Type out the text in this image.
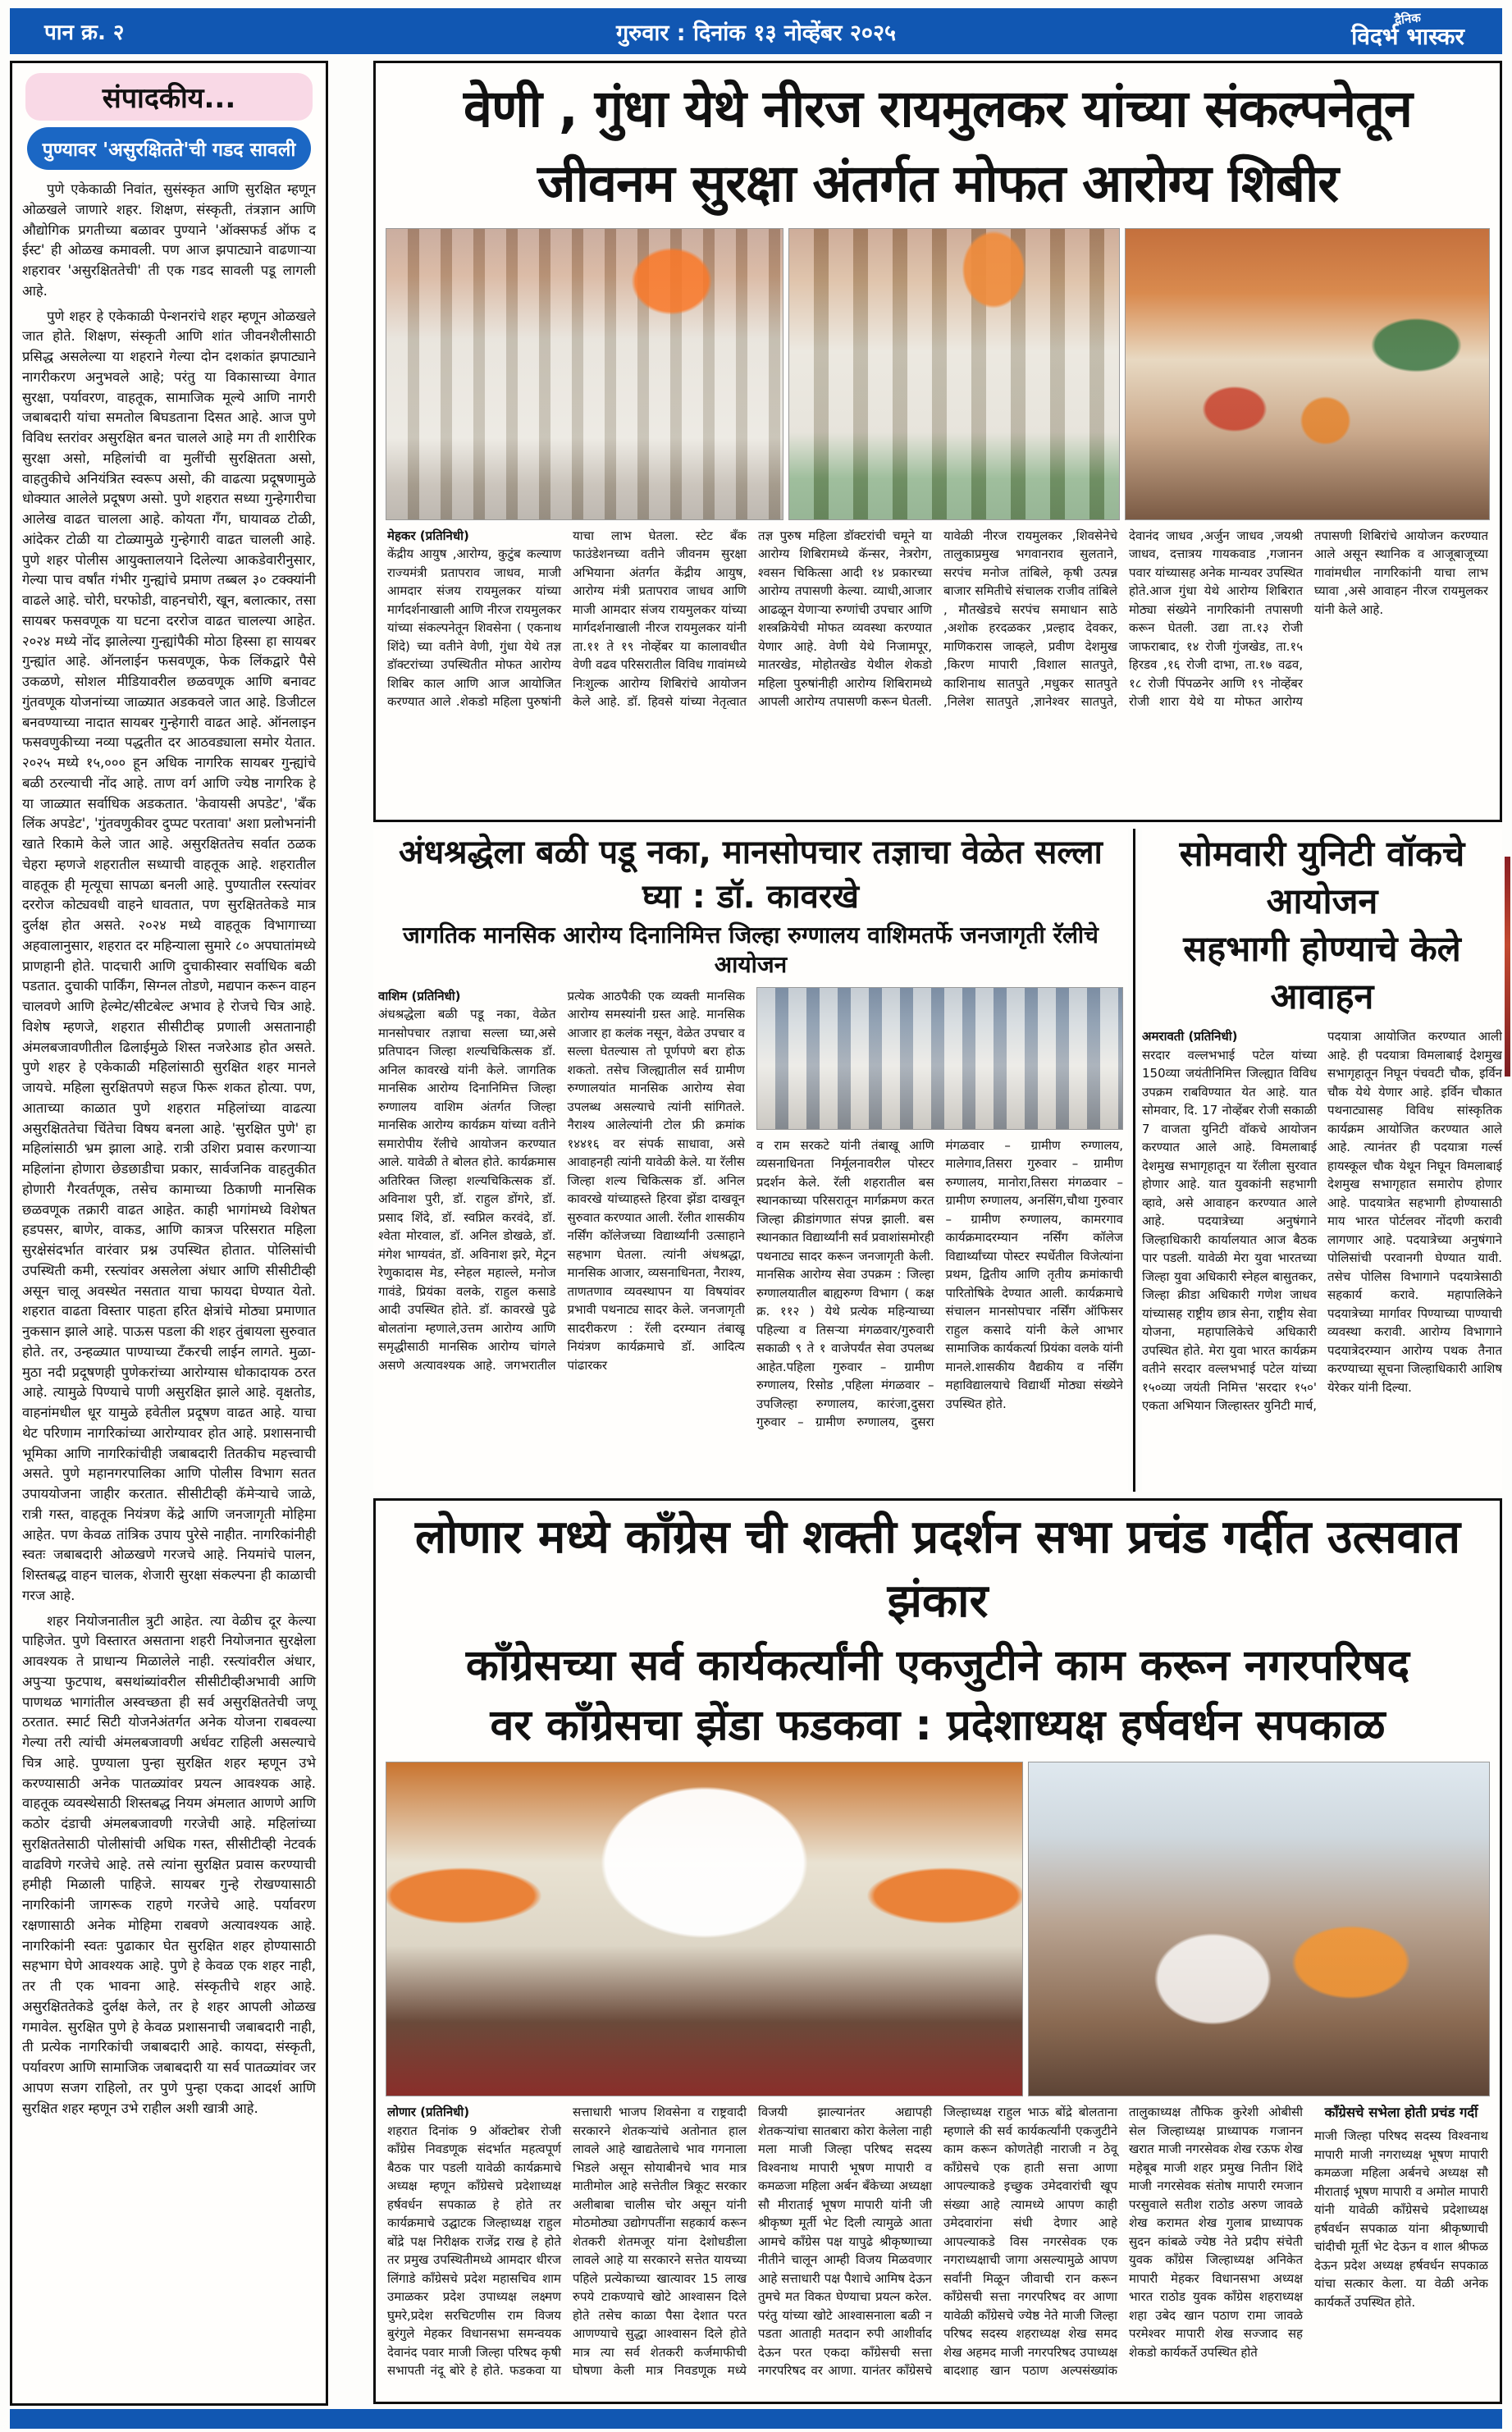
पान क्र. २	गुरुवार : दिनांक १३ नोव्हेंबर २०२५
दैनिक
विदर्भ भास्कर
संपादकीय...
पुण्यावर 'असुरक्षितते'ची गडद सावली

पुणे एकेकाळी निवांत, सुसंस्कृत आणि सुरक्षित म्हणून ओळखले जाणारे शहर. शिक्षण, संस्कृती, तंत्रज्ञान आणि औद्योगिक प्रगतीच्या बळावर पुण्याने 'ऑक्सफर्ड ऑफ द ईस्ट' ही ओळख कमावली. पण आज झपाट्याने वाढणाऱ्या शहरावर 'असुरक्षिततेची' ती एक गडद सावली पडू लागली आहे.

पुणे शहर हे एकेकाळी पेन्शनरांचे शहर म्हणून ओळखले जात होते. शिक्षण, संस्कृती आणि शांत जीवनशैलीसाठी प्रसिद्ध असलेल्या या शहराने गेल्या दोन दशकांत झपाट्याने नागरीकरण अनुभवले आहे; परंतु या विकासाच्या वेगात सुरक्षा, पर्यावरण, वाहतूक, सामाजिक मूल्ये आणि नागरी जबाबदारी यांचा समतोल बिघडताना दिसत आहे. आज पुणे विविध स्तरांवर असुरक्षित बनत चालले आहे मग ती शारीरिक सुरक्षा असो, महिलांची वा मुलींची सुरक्षितता असो, वाहतुकीचे अनियंत्रित स्वरूप असो, की वाढत्या प्रदूषणामुळे धोक्यात आलेले प्रदूषण असो. पुणे शहरात सध्या गुन्हेगारीचा आलेख वाढत चालला आहे. कोयता गँग, घायावळ टोळी, आंदेकर टोळी या टोळ्यामुळे गुन्हेगारी वाढत चालली आहे. पुणे शहर पोलीस आयुक्तालयाने दिलेल्या आकडेवारीनुसार, गेल्या पाच वर्षांत गंभीर गुन्ह्यांचे प्रमाण तब्बल ३० टक्क्यांनी वाढले आहे. चोरी, घरफोडी, वाहनचोरी, खून, बलात्कार, तसा सायबर फसवणूक या घटना दररोज वाढत चालल्या आहेत. २०२४ मध्ये नोंद झालेल्या गुन्ह्यांपैकी मोठा हिस्सा हा सायबर गुन्ह्यांत आहे. ऑनलाईन फसवणूक, फेक लिंकद्वारे पैसे उकळणे, सोशल मीडियावरील छळवणूक आणि बनावट गुंतवणूक योजनांच्या जाळ्यात अडकवले जात आहे. डिजीटल बनवण्याच्या नादात सायबर गुन्हेगारी वाढत आहे. ऑनलाइन फसवणुकीच्या नव्या पद्धतीत दर आठवड्याला समोर येतात. २०२५ मध्ये १५,००० हून अधिक नागरिक सायबर गुन्ह्यांचे बळी ठरल्याची नोंद आहे. ताण वर्ग आणि ज्येष्ठ नागरिक हे या जाळ्यात सर्वाधिक अडकतात. 'केवायसी अपडेट', 'बँक लिंक अपडेट', 'गुंतवणुकीवर दुप्पट परतावा' अशा प्रलोभनांनी खाते रिकामे केले जात आहे. असुरक्षिततेच सर्वात ठळक चेहरा म्हणजे शहरातील सध्याची वाहतूक आहे. शहरातील वाहतूक ही मृत्यूचा सापळा बनली आहे. पुण्यातील रस्त्यांवर दररोज कोट्यवधी वाहने धावतात, पण सुरक्षिततेकडे मात्र दुर्लक्ष होत असते. २०२४ मध्ये वाहतूक विभागाच्या अहवालानुसार, शहरात दर महिन्याला सुमारे ८० अपघातांमध्ये प्राणहानी होते. पादचारी आणि दुचाकीस्वार सर्वाधिक बळी पडतात. दुचाकी पार्किंग, सिग्नल तोडणे, मद्यपान करून वाहन चालवणे आणि हेल्मेट/सीटबेल्ट अभाव हे रोजचे चित्र आहे. विशेष म्हणजे, शहरात सीसीटीव्ह प्रणाली असतानाही अंमलबजावणीतील ढिलाईमुळे शिस्त नजरेआड होत असते. पुणे शहर हे एकेकाळी महिलांसाठी सुरक्षित शहर मानले जायचे. महिला सुरक्षितपणे सहज फिरू शकत होत्या. पण, आताच्या काळात पुणे शहरात महिलांच्या वाढत्या असुरक्षिततेचा चिंतेचा विषय बनला आहे. 'सुरक्षित पुणे' हा महिलांसाठी भ्रम झाला आहे. रात्री उशिरा प्रवास करणाऱ्या महिलांना होणारा छेडछाडीचा प्रकार, सार्वजनिक वाहतुकीत होणारी गैरवर्तणूक, तसेच कामाच्या ठिकाणी मानसिक छळवणूक तक्रारी वाढत आहेत. काही भागांमध्ये विशेषत हडपसर, बाणेर, वाकड, आणि कात्रज परिसरात महिला सुरक्षेसंदर्भात वारंवार प्रश्न उपस्थित होतात. पोलिसांची उपस्थिती कमी, रस्त्यांवर असलेला अंधार आणि सीसीटीव्ही असून चालू अवस्थेत नसतात याचा फायदा घेण्यात येतो. शहरात वाढता विस्तार पाहता हरित क्षेत्रांचे मोठ्या प्रमाणात नुकसान झाले आहे. पाऊस पडला की शहर तुंबायला सुरुवात होते. तर, उन्हळ्यात पाण्याच्या टँकरची लाईन लागते. मुळा-मुठा नदी प्रदूषणही पुणेकरांच्या आरोग्यास धोकादायक ठरत आहे. त्यामुळे पिण्याचे पाणी असुरक्षित झाले आहे. वृक्षतोड, वाहनांमधील धूर यामुळे हवेतील प्रदूषण वाढत आहे. याचा थेट परिणाम नागरिकांच्या आरोग्यावर होत आहे. प्रशासनाची भूमिका आणि नागरिकांचीही जबाबदारी तितकीच महत्त्वाची असते. पुणे महानगरपालिका आणि पोलीस विभाग सतत उपाययोजना जाहीर करतात. सीसीटीव्ही कॅमेऱ्याचे जाळे, रात्री गस्त, वाहतूक नियंत्रण केंद्रे आणि जनजागृती मोहिमा आहेत. पण केवळ तांत्रिक उपाय पुरेसे नाहीत. नागरिकांनीही स्वतः जबाबदारी ओळखणे गरजचे आहे. नियमांचे पालन, शिस्तबद्ध वाहन चालक, शेजारी सुरक्षा संकल्पना ही काळाची गरज आहे.

शहर नियोजनातील त्रुटी आहेत. त्या वेळीच दूर केल्या पाहिजेत. पुणे विस्तारत असताना शहरी नियोजनात सुरक्षेला आवश्यक ते प्राधान्य मिळालेले नाही. रस्त्यांवरील अंधार, अपुऱ्या फुटपाथ, बसथांब्यांवरील सीसीटीव्हीअभावी आणि पाणथळ भागांतील अस्वच्छता ही सर्व असुरक्षिततेची जणू ठरतात. स्मार्ट सिटी योजनेअंतर्गत अनेक योजना राबवल्या गेल्या तरी त्यांची अंमलबजावणी अर्धवट राहिली असल्याचे चित्र आहे. पुण्याला पुन्हा सुरक्षित शहर म्हणून उभे करण्यासाठी अनेक पातळ्यांवर प्रयत्न आवश्यक आहे. वाहतूक व्यवस्थेसाठी शिस्तबद्ध नियम अंमलात आणणे आणि कठोर दंडाची अंमलबजावणी गरजेची आहे. महिलांच्या सुरक्षिततेसाठी पोलीसांची अधिक गस्त, सीसीटीव्ही नेटवर्क वाढविणे गरजेचे आहे. तसे त्यांना सुरक्षित प्रवास करण्याची हमीही मिळाली पाहिजे. सायबर गुन्हे रोखण्यासाठी नागरिकांनी जागरूक राहणे गरजेचे आहे. पर्यावरण रक्षणासाठी अनेक मोहिमा राबवणे अत्यावश्यक आहे. नागरिकांनी स्वतः पुढाकार घेत सुरक्षित शहर होण्यासाठी सहभाग घेणे आवश्यक आहे. पुणे हे केवळ एक शहर नाही, तर ती एक भावना आहे. संस्कृतीचे शहर आहे. असुरक्षिततेकडे दुर्लक्ष केले, तर हे शहर आपली ओळख गमावेल. सुरक्षित पुणे हे केवळ प्रशासनाची जबाबदारी नाही, ती प्रत्येक नागरिकांची जबाबदारी आहे. कायदा, संस्कृती, पर्यावरण आणि सामाजिक जबाबदारी या सर्व पातळ्यांवर जर आपण सजग राहिलो, तर पुणे पुन्हा एकदा आदर्श आणि सुरक्षित शहर म्हणून उभे राहील अशी खात्री आहे.

वेणी , गुंधा येथे नीरज रायमुलकर यांच्या संकल्पनेतून
जीवनम सुरक्षा अंतर्गत मोफत आरोग्य शिबीर
मेहकर (प्रतिनिधी)
केंद्रीय आयुष ,आरोग्य, कुटुंब कल्याण राज्यमंत्री प्रतापराव जाधव, माजी आमदार संजय रायमुलकर यांच्या मार्गदर्शनाखाली आणि नीरज रायमुलकर यांच्या संकल्पनेतून शिवसेना ( एकनाथ शिंदे) च्या वतीने वेणी, गुंधा येथे तज्ञ डॉक्टरांच्या उपस्थितीत मोफत आरोग्य शिबिर काल आणि आज आयोजित करण्यात आले .शेकडो महिला पुरुषांनी याचा लाभ घेतला. स्टेट बँक फाउंडेशनच्या वतीने जीवनम सुरक्षा अभियाना अंतर्गत केंद्रीय आयुष, आरोग्य मंत्री प्रतापराव जाधव आणि माजी आमदार संजय रायमुलकर यांच्या मार्गदर्शनाखाली नीरज रायमुलकर यांनी ता.११ ते १९ नोव्हेंबर या कालावधीत वेणी वढव परिसरातील विविध गावांमध्ये निःशुल्क आरोग्य शिबिरांचे आयोजन केले आहे. डॉ. हिवसे यांच्या नेतृत्वात तज्ञ पुरुष महिला डॉक्टरांची चमूने या आरोग्य शिबिरामध्ये कॅन्सर, नेत्ररोग, श्वसन चिकित्सा आदी १४ प्रकारच्या आरोग्य तपासणी केल्या. व्याधी,आजार आढळून येणाऱ्या रुग्णांची उपचार आणि शस्त्रक्रियेची मोफत व्यवस्था करण्यात येणार आहे. वेणी येथे निजामपूर, मातरखेड, मोहोतखेड येथील शेकडो महिला पुरुषांनीही आरोग्य शिबिरामध्ये आपली आरोग्य तपासणी करून घेतली. यावेळी नीरज रायमुलकर ,शिवसेनेचे तालुकाप्रमुख भगवानराव सुलताने, सरपंच मनोज तांबिले, कृषी उत्पन्न बाजार समितीचे संचालक राजीव तांबिले , मौतखेडचे सरपंच समाधान साठे ,अशोक हरदळकर ,प्रल्हाद देवकर, माणिकरास जाव्हले, प्रवीण देशमुख ,किरण मापारी ,विशाल सातपुते, काशिनाथ सातपुते ,मधुकर सातपुते ,निलेश सातपुते ,ज्ञानेश्वर सातपुते, देवानंद जाधव ,अर्जुन जाधव ,जयश्री जाधव, दत्तात्रय गायकवाड ,गजानन पवार यांच्यासह अनेक मान्यवर उपस्थित होते.आज गुंधा येथे आरोग्य शिबिरात मोठ्या संख्येने नागरिकांनी तपासणी करून घेतली. उद्या ता.१३ रोजी जाफराबाद, १४ रोजी गुंजखेड, ता.१५ हिरडव ,१६ रोजी दाभा, ता.१७ वढव, १८ रोजी पिंपळनेर आणि १९ नोव्हेंबर रोजी शारा येथे या मोफत आरोग्य तपासणी शिबिरांचे आयोजन करण्यात आले असून स्थानिक व आजूबाजूच्या गावांमधील नागरिकांनी याचा लाभ घ्यावा ,असे आवाहन नीरज रायमुलकर यांनी केले आहे.
अंधश्रद्धेला बळी पडू नका, मानसोपचार तज्ञाचा वेळेत सल्ला घ्या : डॉ. कावरखे
जागतिक मानसिक आरोग्य दिनानिमित्त जिल्हा रुग्णालय वाशिमतर्फे जनजागृती रॅलीचे आयोजन
वाशिम (प्रतिनिधी)
अंधश्रद्धेला बळी पडू नका, वेळेत मानसोपचार तज्ञाचा सल्ला घ्या,असे प्रतिपादन जिल्हा शल्यचिकित्सक डॉ. अनिल कावरखे यांनी केले. जागतिक मानसिक आरोग्य दिनानिमित्त जिल्हा रुग्णालय वाशिम अंतर्गत जिल्हा मानसिक आरोग्य कार्यक्रम यांच्या वतीने समारोपीय रॅलीचे आयोजन करण्यात आले. यावेळी ते बोलत होते. कार्यक्रमास अतिरिक्त जिल्हा शल्यचिकित्सक डॉ. अविनाश पुरी, डॉ. राहुल डोंगरे, डॉ. प्रसाद शिंदे, डॉ. स्वप्निल करवंदे, डॉ. श्वेता मोरवाल, डॉ. अनिल डोखळे, डॉ. मंगेश भाग्यवंत, डॉ. अविनाश झरे, मेट्रन रेणुकादास मेड, स्नेहल महाल्ले, मनोज गावंडे, प्रियंका वलके, राहुल कसाडे आदी उपस्थित होते. डॉ. कावरखे पुढे बोलतांना म्हणाले,उत्तम आरोग्य आणि समृद्धीसाठी मानसिक आरोग्य चांगले असणे अत्यावश्यक आहे. जगभरातील प्रत्येक आठपैकी एक व्यक्ती मानसिक आरोग्य समस्यांनी ग्रस्त आहे. मानसिक आजार हा कलंक नसून, वेळेत उपचार व सल्ला घेतल्यास तो पूर्णपणे बरा होऊ शकतो. तसेच जिल्ह्यातील सर्व ग्रामीण रुग्णालयांत मानसिक आरोग्य सेवा उपलब्ध असल्याचे त्यांनी सांगितले. नैराश्य आलेल्यांनी टोल फ्री क्रमांक १४४१६ वर संपर्क साधावा, असे आवाहनही त्यांनी यावेळी केले. या रॅलीस जिल्हा शल्य चिकित्सक डॉ. अनिल कावरखे यांच्याहस्ते हिरवा झेंडा दाखवून सुरुवात करण्यात आली. रॅलीत शासकीय नर्सिंग कॉलेजच्या विद्यार्थ्यांनी उत्साहाने सहभाग घेतला. त्यांनी अंधश्रद्धा, मानसिक आजार, व्यसनाधिनता, नैराश्य, ताणतणाव व्यवस्थापन या विषयांवर प्रभावी पथनाट्य सादर केले. जनजागृती सादरीकरण : रॅली दरम्यान तंबाखू नियंत्रण कार्यक्रमाचे डॉ. आदित्य पांढारकर
व राम सरकटे यांनी तंबाखू आणि व्यसनाधिनता निर्मूलनावरील पोस्टर प्रदर्शन केले. रॅली शहरातील बस स्थानकाच्या परिसरातून मार्गक्रमण करत जिल्हा क्रीडांगणात संपन्न झाली. बस स्थानकात विद्यार्थ्यांनी सर्व प्रवाशांसमोरही पथनाट्य सादर करून जनजागृती केली. मानसिक आरोग्य सेवा उपक्रम : जिल्हा रुग्णालयातील बाह्यरुग्ण विभाग ( कक्ष क्र. ११२ ) येथे प्रत्येक महिन्याच्या पहिल्या व तिसऱ्या मंगळवार/गुरुवारी सकाळी ९ ते १ वाजेपर्यंत सेवा उपलब्ध आहेत.पहिला गुरुवार – ग्रामीण रुग्णालय, रिसोड ,पहिला मंगळवार – उपजिल्हा रुग्णालय, कारंजा,दुसरा गुरुवार – ग्रामीण रुग्णालय, दुसरा मंगळवार – ग्रामीण रुग्णालय, मालेगाव,तिसरा गुरुवार – ग्रामीण रुग्णालय, मानोरा,तिसरा मंगळवार – ग्रामीण रुग्णालय, अनसिंग,चौथा गुरुवार – ग्रामीण रुग्णालय, कामरगाव कार्यक्रमादरम्यान नर्सिंग कॉलेज विद्यार्थ्यांच्या पोस्टर स्पर्धेतील विजेत्यांना प्रथम, द्वितीय आणि तृतीय क्रमांकाची पारितोषिके देण्यात आली. कार्यक्रमाचे संचालन मानसोपचार नर्सिंग ऑफिसर राहुल कसादे यांनी केले आभार सामाजिक कार्यकर्त्या प्रियंका वलके यांनी मानले.शासकीय वैद्यकीय व नर्सिंग महाविद्यालयाचे विद्यार्थी मोठ्या संख्येने उपस्थित होते.
सोमवारी युनिटी वॉकचे आयोजन
सहभागी होण्याचे केले आवाहन
अमरावती (प्रतिनिधी)
सरदार वल्लभभाई पटेल यांच्या 150व्या जयंतीनिमित्त जिल्ह्यात विविध उपक्रम राबविण्यात येत आहे. यात सोमवार, दि. 17 नोव्हेंबर रोजी सकाळी 7 वाजता युनिटी वॉकचे आयोजन करण्यात आले आहे. विमलाबाई देशमुख सभागृहातून या रॅलीला सुरवात होणार आहे. यात युवकांनी सहभागी व्हावे, असे आवाहन करण्यात आले आहे. पदयात्रेच्या अनुषंगाने जिल्हाधिकारी कार्यालयात आज बैठक पार पडली. यावेळी मेरा युवा भारतच्या जिल्हा युवा अधिकारी स्नेहल बासुतकर, जिल्हा क्रीडा अधिकारी गणेश जाधव यांच्यासह राष्ट्रीय छात्र सेना, राष्ट्रीय सेवा योजना, महापालिकेचे अधिकारी उपस्थित होते. मेरा युवा भारत कार्यक्रम वतीने सरदार वल्लभभाई पटेल यांच्या १५०व्या जयंती निमित्त 'सरदार १५०' एकता अभियान जिल्हास्तर युनिटी मार्च, पदयात्रा आयोजित करण्यात आली आहे. ही पदयात्रा विमलाबाई देशमुख सभागृहातून निघून पंचवटी चौक, इर्विन चौक येथे येणार आहे. इर्विन चौकात पथनाट्यासह विविध सांस्कृतिक कार्यक्रम आयोजित करण्यात आले आहे. त्यानंतर ही पदयात्रा गर्ल्स हायस्कूल चौक येथून निघून विमलाबाई देशमुख सभागृहात समारोप होणार आहे. पादयात्रेत सहभागी होण्यासाठी माय भारत पोर्टलवर नोंदणी करावी लागणार आहे. पदयात्रेच्या अनुषंगाने पोलिसांची परवानगी घेण्यात यावी. तसेच पोलिस विभागाने पदयात्रेसाठी सहकार्य करावे. महापालिकेने पदयात्रेच्या मार्गावर पिण्याच्या पाण्याची व्यवस्था करावी. आरोग्य विभागाने पदयात्रेदरम्यान आरोग्य पथक तैनात करण्याच्या सूचना जिल्हाधिकारी आशिष येरेकर यांनी दिल्या.
लोणार मध्ये काँग्रेस ची शक्ती प्रदर्शन सभा प्रचंड गर्दीत उत्सवात झंकार
काँग्रेसच्या सर्व कार्यकर्त्यांनी एकजुटीने काम करून नगरपरिषद
वर काँग्रेसचा झेंडा फडकवा : प्रदेशाध्यक्ष हर्षवर्धन सपकाळ
लोणार (प्रतिनिधी)
शहरात दिनांक 9 ऑक्टोबर रोजी काँग्रेस निवडणूक संदर्भात महत्वपूर्ण बैठक पार पडली यावेळी कार्यक्रमाचे अध्यक्ष म्हणून काँग्रेसचे प्रदेशाध्यक्ष हर्षवर्धन सपकाळ हे होते तर कार्यक्रमाचे उद्घाटक जिल्हाध्यक्ष राहुल बोंद्रे पक्ष निरीक्षक राजेंद्र राख हे होते तर प्रमुख उपस्थितीमध्ये आमदार धीरज लिंगाडे काँग्रेसचे प्रदेश महासचिव शाम उमाळकर प्रदेश उपाध्यक्ष लक्ष्मण घुमरे,प्रदेश सरचिटणीस राम विजय बुरंगुले मेहकर विधानसभा समन्वयक देवानंद पवार माजी जिल्हा परिषद कृषी सभापती नंदू बोरे हे होते. फडकवा या सत्ताधारी भाजप शिवसेना व राष्ट्रवादी सरकारने शेतकऱ्यांचे अतोनात हाल लावले आहे खाद्यतेलाचे भाव गगनाला भिडले असून सोयाबीनचे भाव मात्र मातीमोल आहे सत्तेतील त्रिकूट सरकार अलीबाबा चालीस चोर असून यांनी मोठमोठ्या उद्योगपतींना सहकार्य करून शेतकरी शेतमजूर यांना देशोधडीला लावले आहे या सरकारने सत्तेत यायच्या पहिले प्रत्येकाच्या खात्यावर 15 लाख रुपये टाकण्याचे खोटे आश्वासन दिले होते तसेच काळा पैसा देशात परत आणण्याचे सुद्धा आश्वासन दिले होते मात्र त्या सर्व शेतकरी कर्जमाफीची घोषणा केली मात्र निवडणूक मध्ये विजयी झाल्यानंतर अद्यापही शेतकऱ्यांचा सातबारा कोरा केलेला नाही मला माजी जिल्हा परिषद सदस्य विश्वनाथ मापारी भूषण मापारी व कमळजा महिला अर्बन बँकेच्या अध्यक्षा सौ मीराताई भूषण मापारी यांनी जी श्रीकृष्ण मूर्ती भेट दिली त्यामुळे आता आमचे काँग्रेस पक्ष यापुढे श्रीकृष्णाच्या नीतीने चालून आम्ही विजय मिळवणार आहे सत्ताधारी पक्ष पैशाचे आमिष देऊन तुमचे मत विकत घेण्याचा प्रयत्न करेल. परंतु यांच्या खोटे आश्वासनाला बळी न पडता आताही मतदान रुपी आशीर्वाद देऊन परत एकदा काँग्रेसची सत्ता नगरपरिषद वर आणा. यानंतर काँग्रेसचे जिल्हाध्यक्ष राहुल भाऊ बोंद्रे बोलताना म्हणाले की सर्व कार्यकर्त्यांनी एकजुटीने काम करून कोणतेही नाराजी न ठेवू काँग्रेसचे एक हाती सत्ता आणा आपल्याकडे इच्छुक उमेदवारांची खूप संख्या आहे त्यामध्ये आपण काही उमेदवारांना संधी देणार आहे आपल्याकडे विस नगरसेवक एक नगराध्यक्षाची जागा असल्यामुळे आपण सर्वांनी मिळून जीवाची रान करून काँग्रेसची सत्ता नगरपरिषद वर आणा यावेळी काँग्रेसचे ज्येष्ठ नेते माजी जिल्हा परिषद सदस्य शहराध्यक्ष शेख समद शेख अहमद माजी नगरपरिषद उपाध्यक्ष बादशाह खान पठाण अल्पसंख्यांक तालुकाध्यक्ष तौफिक कुरेशी ओबीसी सेल जिल्हाध्यक्ष प्राध्यापक गजानन खरात माजी नगरसेवक शेख रऊफ शेख महेबूब माजी शहर प्रमुख नितीन शिंदे माजी नगरसेवक संतोष मापारी रमजान परसुवाले सतीश राठोड अरुण जावळे शेख करामत शेख गुलाब प्राध्यापक सुदन कांबळे ज्येष्ठ नेते प्रदीप संचेती युवक काँग्रेस जिल्हाध्यक्ष अनिकेत मापारी मेहकर विधानसभा अध्यक्ष भारत राठोड युवक काँग्रेस शहराध्यक्ष शहा उबेद खान पठाण रामा जावळे परमेश्वर मापारी शेख सज्जाद सह शेकडो कार्यकर्ते उपस्थित होते
काँग्रेसचे सभेला होती प्रचंड गर्दी
माजी जिल्हा परिषद सदस्य विश्वनाथ मापारी माजी नगराध्यक्ष भूषण मापारी कमळजा महिला अर्बनचे अध्यक्ष सौ मीराताई भूषण मापारी व अमोल मापारी यांनी यावेळी काँग्रेसचे प्रदेशाध्यक्ष हर्षवर्धन सपकाळ यांना श्रीकृष्णाची चांदीची मूर्ती भेट देऊन व शाल श्रीफळ देऊन प्रदेश अध्यक्ष हर्षवर्धन सपकाळ यांचा सत्कार केला. या वेळी अनेक कार्यकर्ते उपस्थित होते.
